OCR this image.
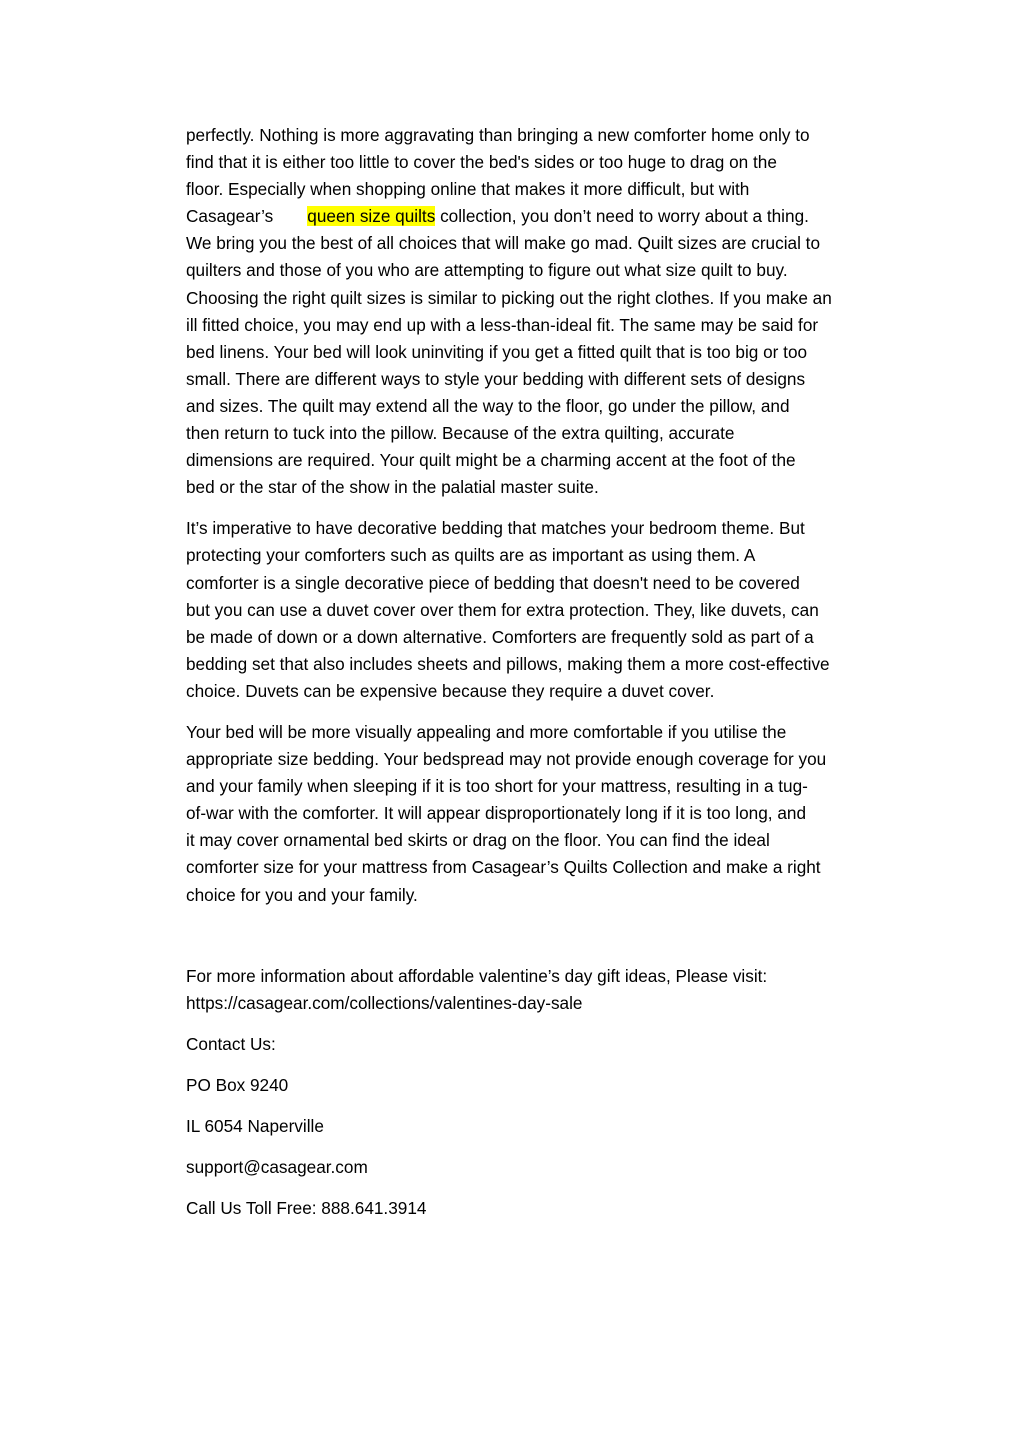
perfectly. Nothing is more aggravating than bringing a new comforter home only to
find that it is either too little to cover the bed's sides or too huge to drag on the
floor. Especially when shopping online that makes it more difficult, but with
Casagear’s queen size quilts collection, you don’t need to worry about a thing.
We bring you the best of all choices that will make go mad. Quilt sizes are crucial to
quilters and those of you who are attempting to figure out what size quilt to buy.
Choosing the right quilt sizes is similar to picking out the right clothes. If you make an
ill fitted choice, you may end up with a less-than-ideal fit. The same may be said for
bed linens. Your bed will look uninviting if you get a fitted quilt that is too big or too
small. There are different ways to style your bedding with different sets of designs
and sizes. The quilt may extend all the way to the floor, go under the pillow, and
then return to tuck into the pillow. Because of the extra quilting, accurate
dimensions are required. Your quilt might be a charming accent at the foot of the
bed or the star of the show in the palatial master suite.

It’s imperative to have decorative bedding that matches your bedroom theme. But
protecting your comforters such as quilts are as important as using them. A
comforter is a single decorative piece of bedding that doesn't need to be covered
but you can use a duvet cover over them for extra protection. They, like duvets, can
be made of down or a down alternative. Comforters are frequently sold as part of a
bedding set that also includes sheets and pillows, making them a more cost-effective
choice. Duvets can be expensive because they require a duvet cover.

Your bed will be more visually appealing and more comfortable if you utilise the
appropriate size bedding. Your bedspread may not provide enough coverage for you
and your family when sleeping if it is too short for your mattress, resulting in a tug-
of-war with the comforter. It will appear disproportionately long if it is too long, and
it may cover ornamental bed skirts or drag on the floor. You can find the ideal
comforter size for your mattress from Casagear’s Quilts Collection and make a right
choice for you and your family.

For more information about affordable valentine’s day gift ideas, Please visit:
https://casagear.com/collections/valentines-day-sale

Contact Us:

PO Box 9240

IL 6054 Naperville

support@casagear.com

Call Us Toll Free: 888.641.3914
